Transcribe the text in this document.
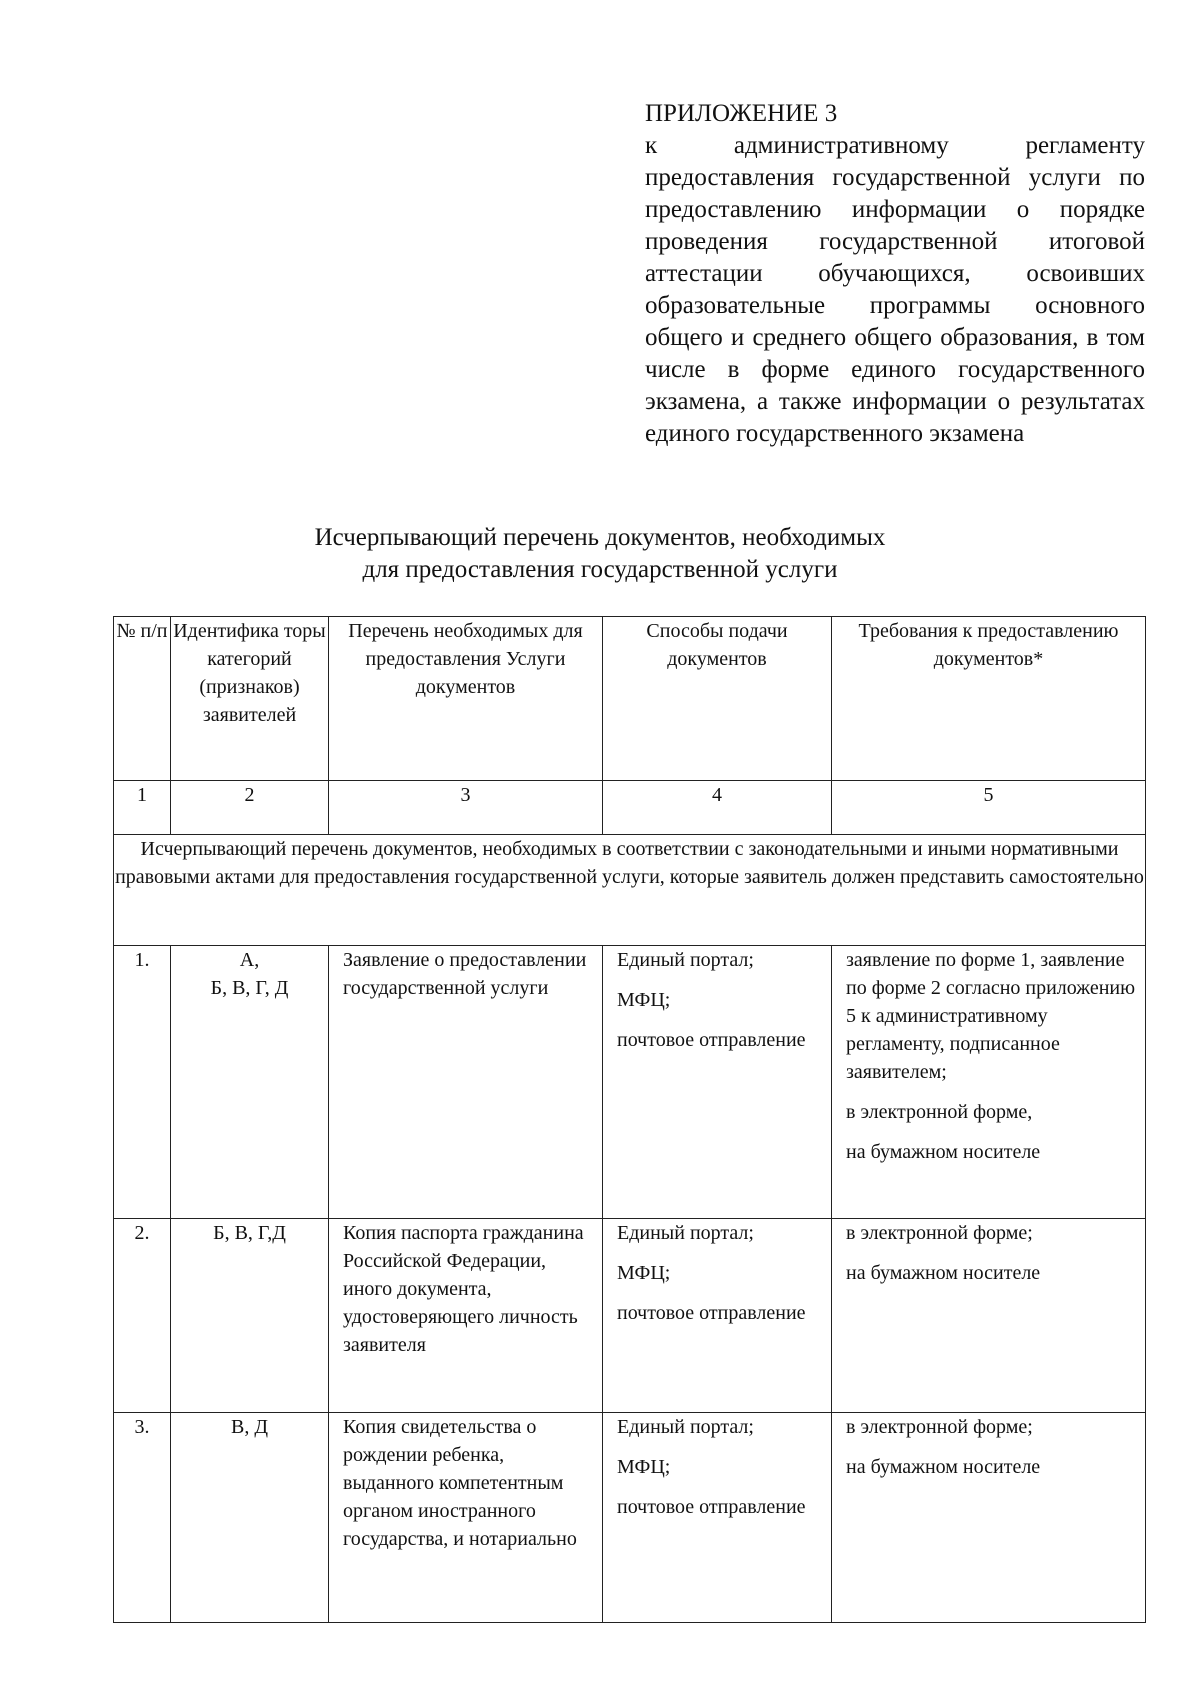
ПРИЛОЖЕНИЕ 3
к административному регламенту предоставления государственной услуги по предоставлению информации о порядке проведения государственной итоговой аттестации обучающихся, освоивших образовательные программы основного общего и среднего общего образования, в том числе в форме единого государственного экзамена, а также информации о результатах единого государственного экзамена
Исчерпывающий перечень документов, необходимых
для предоставления государственной услуги
№ п/п	Идентифика торы категорий (признаков) заявителей	Перечень необходимых для предоставления Услуги документов	Способы подачи документов	Требования к предоставлению документов*

1	2	3	4	5
Исчерпывающий перечень документов, необходимых в соответствии с законодательными и иными нормативными правовыми актами для предоставления государственной услуги, которые заявитель должен представить самостоятельно				
1.	А,
Б, В, Г, Д	Заявление о предоставлении государственной услуги	Единый портал;
МФЦ;
почтовое отправление	заявление по форме 1, заявление по форме 2 согласно приложению 5 к административному регламенту, подписанное заявителем;
в электронной форме,
на бумажном носителе

2.	Б, В, Г,Д	Копия паспорта гражданина Российской Федерации, иного документа, удостоверяющего личность заявителя	Единый портал;
МФЦ;
почтовое отправление	в электронной форме;
на бумажном носителе

3.	В, Д	Копия свидетельства о рождении ребенка, выданного компетентным органом иностранного государства, и нотариально	Единый портал;
МФЦ;
почтовое отправление	в электронной форме;
на бумажном носителе
